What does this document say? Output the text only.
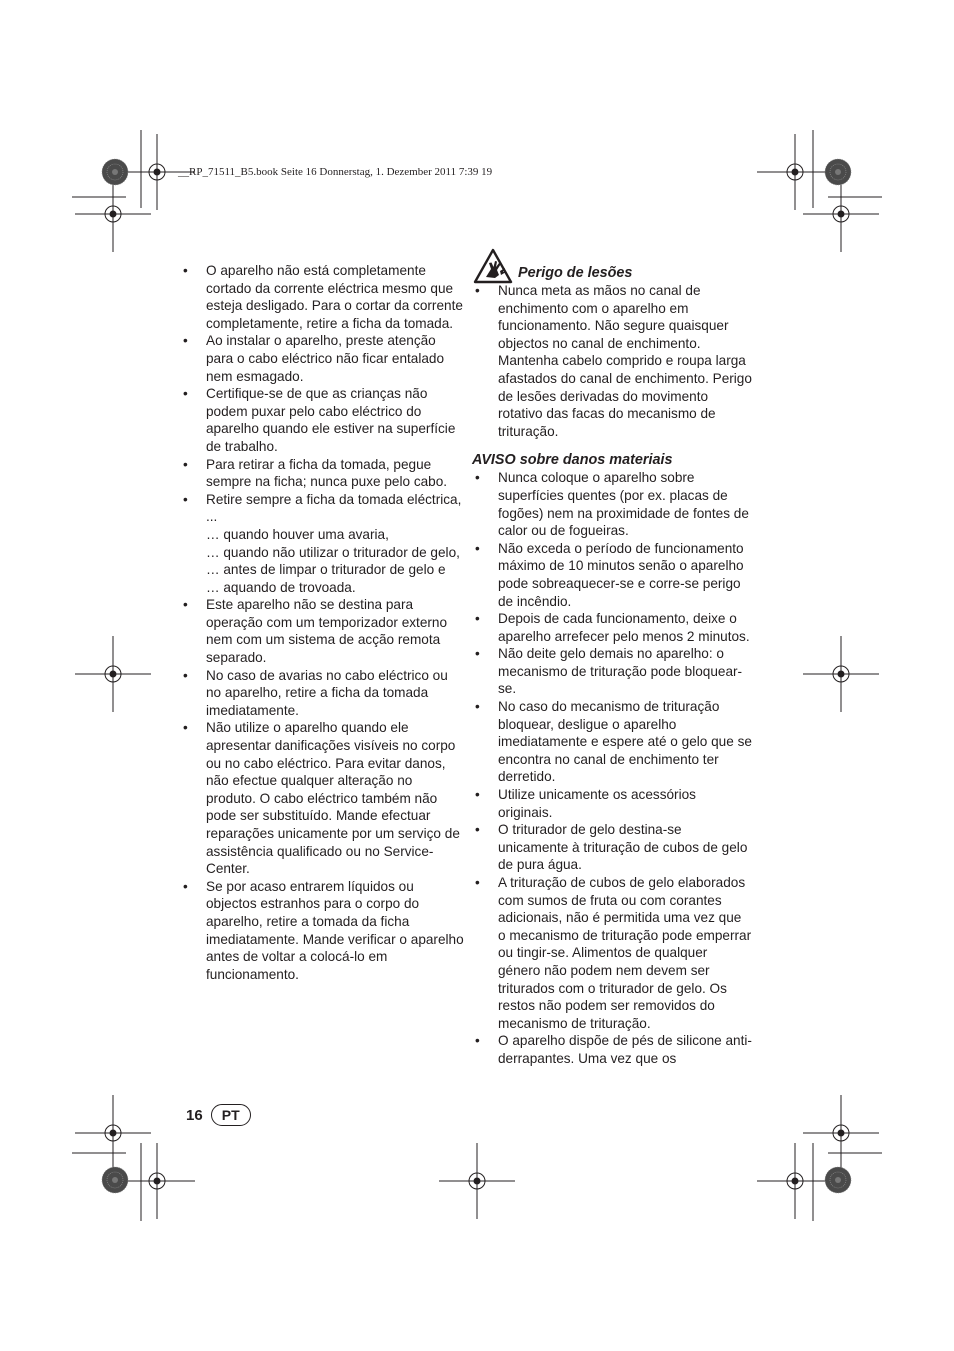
__RP_71511_B5.book Seite 16 Donnerstag, 1. Dezember 2011 7:39 19
• O aparelho não está completamente cortado da corrente eléctrica mesmo que esteja desligado. Para o cortar da corrente completamente, retire a ficha da tomada.
• Ao instalar o aparelho, preste atenção para o cabo eléctrico não ficar entalado nem esmagado.
• Certifique-se de que as crianças não podem puxar pelo cabo eléctrico do aparelho quando ele estiver na superfície de trabalho.
• Para retirar a ficha da tomada, pegue sempre na ficha; nunca puxe pelo cabo.
• Retire sempre a ficha da tomada eléctrica, ...
… quando houver uma avaria,
… quando não utilizar o triturador de gelo,
… antes de limpar o triturador de gelo e
… aquando de trovoada.
• Este aparelho não se destina para operação com um temporizador externo nem com um sistema de acção remota separado.
• No caso de avarias no cabo eléctrico ou no aparelho, retire a ficha da tomada imediatamente.
• Não utilize o aparelho quando ele apresentar danificações visíveis no corpo ou no cabo eléctrico. Para evitar danos, não efectue qualquer alteração no produto. O cabo eléctrico também não pode ser substituído. Mande efectuar reparações unicamente por um serviço de assistência qualificado ou no Service-Center.
• Se por acaso entrarem líquidos ou objectos estranhos para o corpo do aparelho, retire a tomada da ficha imediatamente. Mande verificar o aparelho antes de voltar a colocá-lo em funcionamento.
Perigo de lesões
• Nunca meta as mãos no canal de enchimento com o aparelho em funcionamento. Não segure quaisquer objectos no canal de enchimento. Mantenha cabelo comprido e roupa larga afastados do canal de enchimento. Perigo de lesões derivadas do movimento rotativo das facas do mecanismo de trituração.
AVISO sobre danos materiais
• Nunca coloque o aparelho sobre superfícies quentes (por ex. placas de fogões) nem na proximidade de fontes de calor ou de fogueiras.
• Não exceda o período de funcionamento máximo de 10 minutos senão o aparelho pode sobreaquecer-se e corre-se perigo de incêndio.
• Depois de cada funcionamento, deixe o aparelho arrefecer pelo menos 2 minutos.
• Não deite gelo demais no aparelho: o mecanismo de trituração pode bloquear-se.
• No caso do mecanismo de trituração bloquear, desligue o aparelho imediatamente e espere até o gelo que se encontra no canal de enchimento ter derretido.
• Utilize unicamente os acessórios originais.
• O triturador de gelo destina-se unicamente à trituração de cubos de gelo de pura água.
• A trituração de cubos de gelo elaborados com sumos de fruta ou com corantes adicionais, não é permitida uma vez que o mecanismo de trituração pode emperrar ou tingir-se. Alimentos de qualquer género não podem nem devem ser triturados com o triturador de gelo. Os restos não podem ser removidos do mecanismo de trituração.
• O aparelho dispõe de pés de silicone anti-derrapantes. Uma vez que os
16	PT
